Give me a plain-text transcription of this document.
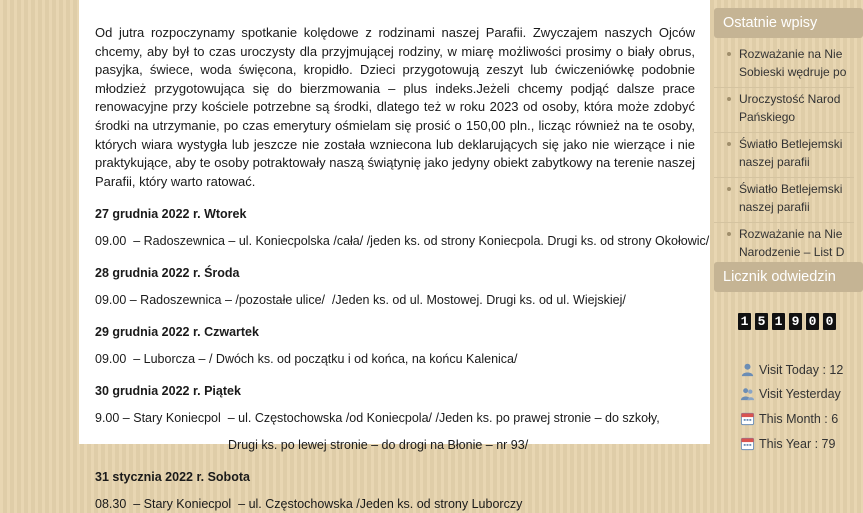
Od jutra rozpoczynamy spotkanie kolędowe z rodzinami naszej Parafii. Zwyczajem naszych Ojców chcemy, aby był to czas uroczysty dla przyjmującej rodziny, w miarę możliwości prosimy o biały obrus, pasyjka, świece, woda święcona, kropidło. Dzieci przygotowują zeszyt lub ćwiczeniówkę podobnie młodzież przygotowująca się do bierzmowania – plus indeks.Jeżeli chcemy podjąć dalsze prace renowacyjne przy kościele potrzebne są środki, dlatego też w roku 2023 od osoby, która może zdobyć środki na utrzymanie, po czas emerytury ośmielam się prosić o 150,00 pln., licząc również na te osoby, których wiara wystygła lub jeszcze nie została wzniecona lub deklarujących się jako nie wierzące i nie praktykujące, aby te osoby potraktowały naszą świątynię jako jedyny obiekt zabytkowy na terenie naszej Parafii, który warto ratować.

27 grudnia 2022 r. Wtorek

09.00  – Radoszewnica – ul. Koniecpolska /cała/ /jeden ks. od strony Koniecpola. Drugi ks. od strony Okołowic/

28 grudnia 2022 r. Środa

09.00 – Radoszewnica – /pozostałe ulice/  /Jeden ks. od ul. Mostowej. Drugi ks. od ul. Wiejskiej/

29 grudnia 2022 r. Czwartek

09.00  – Luborcza – / Dwóch ks. od początku i od końca, na końcu Kalenica/

30 grudnia 2022 r. Piątek

9.00 – Stary Koniecpol  – ul. Częstochowska /od Koniecpola/ /Jeden ks. po prawej stronie – do szkoły,

Drugi ks. po lewej stronie – do drogi na Błonie – nr 93/

31 stycznia 2022 r. Sobota

08.30  – Stary Koniecpol  – ul. Częstochowska /Jeden ks. od strony Luborczy

Ostatnie wpisy
Rozważanie na Nie
Sobieski wędruje po
Uroczystość Narod
Pańskiego
Światło Betlejemski
naszej parafii
Światło Betlejemski
naszej parafii
Rozważanie na Nie
Narodzenie – List D
Licznik odwiedzin
1 5 1 9 0 0
Visit Today : 12
Visit Yesterday
This Month : 6
This Year : 79
